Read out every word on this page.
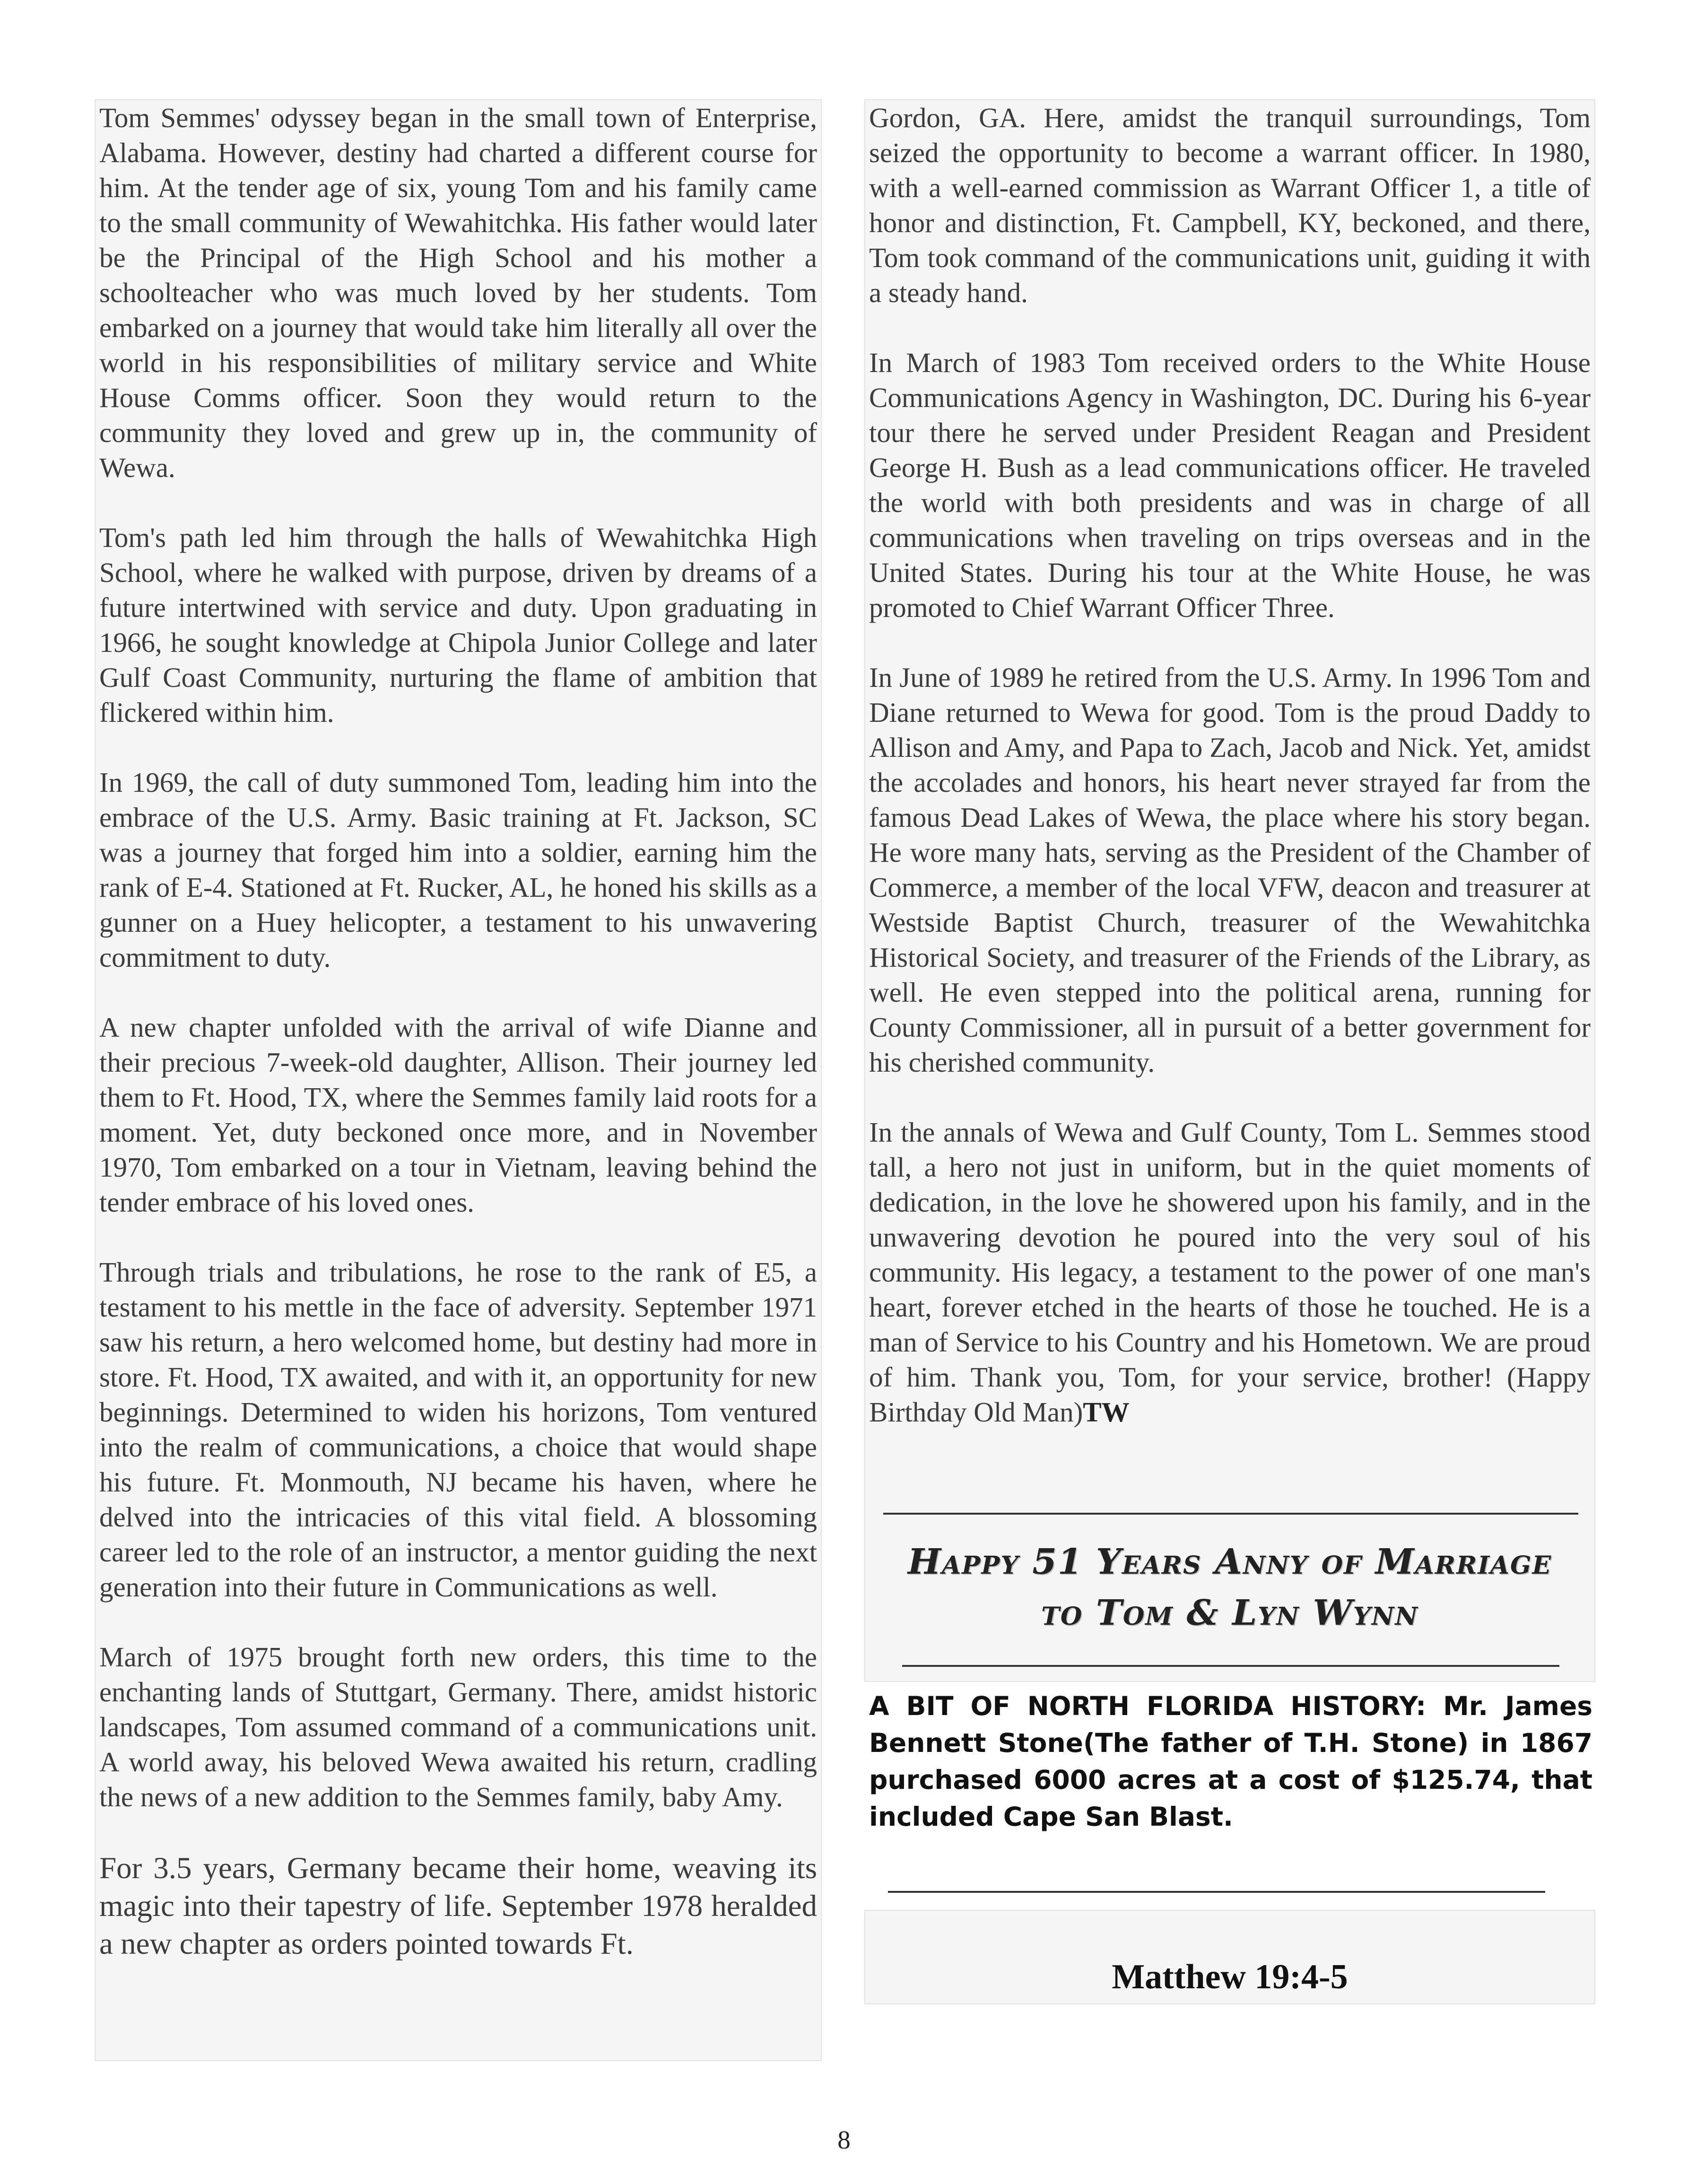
Tom Semmes' odyssey began in the small town of Enterprise, Alabama. However, destiny had charted a different course for him. At the tender age of six, young Tom and his family came to the small community of Wewahitchka. His father would later be the Principal of the High School and his mother a schoolteacher who was much loved by her students. Tom embarked on a journey that would take him literally all over the world in his responsibilities of military service and White House Comms officer. Soon they would return to the community they loved and grew up in, the community of Wewa.

Tom's path led him through the halls of Wewahitchka High School, where he walked with purpose, driven by dreams of a future intertwined with service and duty. Upon graduating in 1966, he sought knowledge at Chipola Junior College and later Gulf Coast Community, nurturing the flame of ambition that flickered within him.

In 1969, the call of duty summoned Tom, leading him into the embrace of the U.S. Army. Basic training at Ft. Jackson, SC was a journey that forged him into a soldier, earning him the rank of E-4. Stationed at Ft. Rucker, AL, he honed his skills as a gunner on a Huey helicopter, a testament to his unwavering commitment to duty.

A new chapter unfolded with the arrival of wife Dianne and their precious 7-week-old daughter, Allison. Their journey led them to Ft. Hood, TX, where the Semmes family laid roots for a moment. Yet, duty beckoned once more, and in November 1970, Tom embarked on a tour in Vietnam, leaving behind the tender embrace of his loved ones.

Through trials and tribulations, he rose to the rank of E5, a testament to his mettle in the face of adversity. September 1971 saw his return, a hero welcomed home, but destiny had more in store. Ft. Hood, TX awaited, and with it, an opportunity for new beginnings. Determined to widen his horizons, Tom ventured into the realm of communications, a choice that would shape his future. Ft. Monmouth, NJ became his haven, where he delved into the intricacies of this vital field. A blossoming career led to the role of an instructor, a mentor guiding the next generation into their future in Communications as well.

March of 1975 brought forth new orders, this time to the enchanting lands of Stuttgart, Germany. There, amidst historic landscapes, Tom assumed command of a communications unit. A world away, his beloved Wewa awaited his return, cradling the news of a new addition to the Semmes family, baby Amy.

For 3.5 years, Germany became their home, weaving its magic into their tapestry of life. September 1978 heralded a new chapter as orders pointed towards Ft.

Gordon, GA. Here, amidst the tranquil surroundings, Tom seized the opportunity to become a warrant officer. In 1980, with a well-earned commission as Warrant Officer 1, a title of honor and distinction, Ft. Campbell, KY, beckoned, and there, Tom took command of the communications unit, guiding it with a steady hand.

In March of 1983 Tom received orders to the White House Communications Agency in Washington, DC. During his 6-year tour there he served under President Reagan and President George H. Bush as a lead communications officer. He traveled the world with both presidents and was in charge of all communications when traveling on trips overseas and in the United States. During his tour at the White House, he was promoted to Chief Warrant Officer Three.

In June of 1989 he retired from the U.S. Army. In 1996 Tom and Diane returned to Wewa for good. Tom is the proud Daddy to Allison and Amy, and Papa to Zach, Jacob and Nick. Yet, amidst the accolades and honors, his heart never strayed far from the famous Dead Lakes of Wewa, the place where his story began. He wore many hats, serving as the President of the Chamber of Commerce, a member of the local VFW, deacon and treasurer at Westside Baptist Church, treasurer of the Wewahitchka Historical Society, and treasurer of the Friends of the Library, as well. He even stepped into the political arena, running for County Commissioner, all in pursuit of a better government for his cherished community.

In the annals of Wewa and Gulf County, Tom L. Semmes stood tall, a hero not just in uniform, but in the quiet moments of dedication, in the love he showered upon his family, and in the unwavering devotion he poured into the very soul of his community. His legacy, a testament to the power of one man's heart, forever etched in the hearts of those he touched. He is a man of Service to his Country and his Hometown. We are proud of him. Thank you, Tom, for your service, brother! (Happy Birthday Old Man)TW

Happy 51 Years Anny of Marriage
to Tom & Lyn Wynn

A BIT OF NORTH FLORIDA HISTORY: Mr. James Bennett Stone(The father of T.H. Stone) in 1867 purchased 6000 acres at a cost of $125.74, that included Cape San Blast.

Matthew 19:4-5
8
